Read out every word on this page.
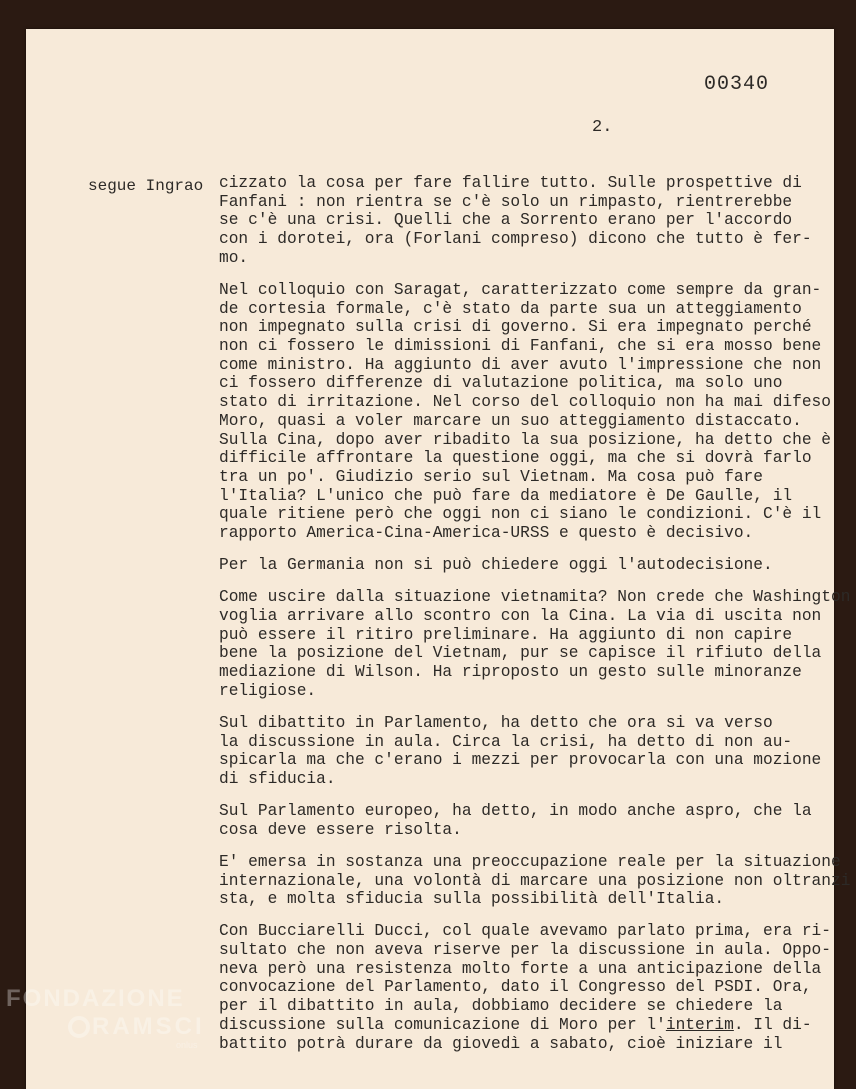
00340
2.
segue Ingrao cizzato la cosa per fare fallire tutto. Sulle prospettive di
Fanfani : non rientra se c'è solo un rimpasto, rientrerebbe
se c'è una crisi. Quelli che a Sorrento erano per l'accordo
con i dorotei, ora (Forlani compreso) dicono che tutto è fer-
mo.
Nel colloquio con Saragat, caratterizzato come sempre da gran-
de cortesia formale, c'è stato da parte sua un atteggiamento
non impegnato sulla crisi di governo. Si era impegnato perché
non ci fossero le dimissioni di Fanfani, che si era mosso bene
come ministro. Ha aggiunto di aver avuto l'impressione che non
ci fossero differenze di valutazione politica, ma solo uno
stato di irritazione. Nel corso del colloquio non ha mai difeso
Moro, quasi a voler marcare un suo atteggiamento distaccato.
Sulla Cina, dopo aver ribadito la sua posizione, ha detto che è
difficile affrontare la questione oggi, ma che si dovrà farlo
tra un po'. Giudizio serio sul Vietnam. Ma cosa può fare
l'Italia? L'unico che può fare da mediatore è De Gaulle, il
quale ritiene però che oggi non ci siano le condizioni. C'è il
rapporto America-Cina-America-URSS e questo è decisivo.
Per la Germania non si può chiedere oggi l'autodecisione.
Come uscire dalla situazione vietnamita? Non crede che Washington
voglia arrivare allo scontro con la Cina. La via di uscita non
può essere il ritiro preliminare. Ha aggiunto di non capire
bene la posizione del Vietnam, pur se capisce il rifiuto della
mediazione di Wilson. Ha riproposto un gesto sulle minoranze
religiose.
Sul dibattito in Parlamento, ha detto che ora si va verso
la discussione in aula. Circa la crisi, ha detto di non au-
spicarla ma che c'erano i mezzi per provocarla con una mozione
di sfiducia.
Sul Parlamento europeo, ha detto, in modo anche aspro, che la
cosa deve essere risolta.
E' emersa in sostanza una preoccupazione reale per la situazione
internazionale, una volontà di marcare una posizione non oltranzi
sta, e molta sfiducia sulla possibilità dell'Italia.
Con Bucciarelli Ducci, col quale avevamo parlato prima, era ri-
sultato che non aveva riserve per la discussione in aula. Oppo-
neva però una resistenza molto forte a una anticipazione della
convocazione del Parlamento, dato il Congresso del PSDI. Ora,
per il dibattito in aula, dobbiamo decidere se chiedere la
discussione sulla comunicazione di Moro per l'interim. Il di-
battito potrà durare da giovedì a sabato, cioè iniziare il
FONDAZIONE
RAMSCI
onlus
